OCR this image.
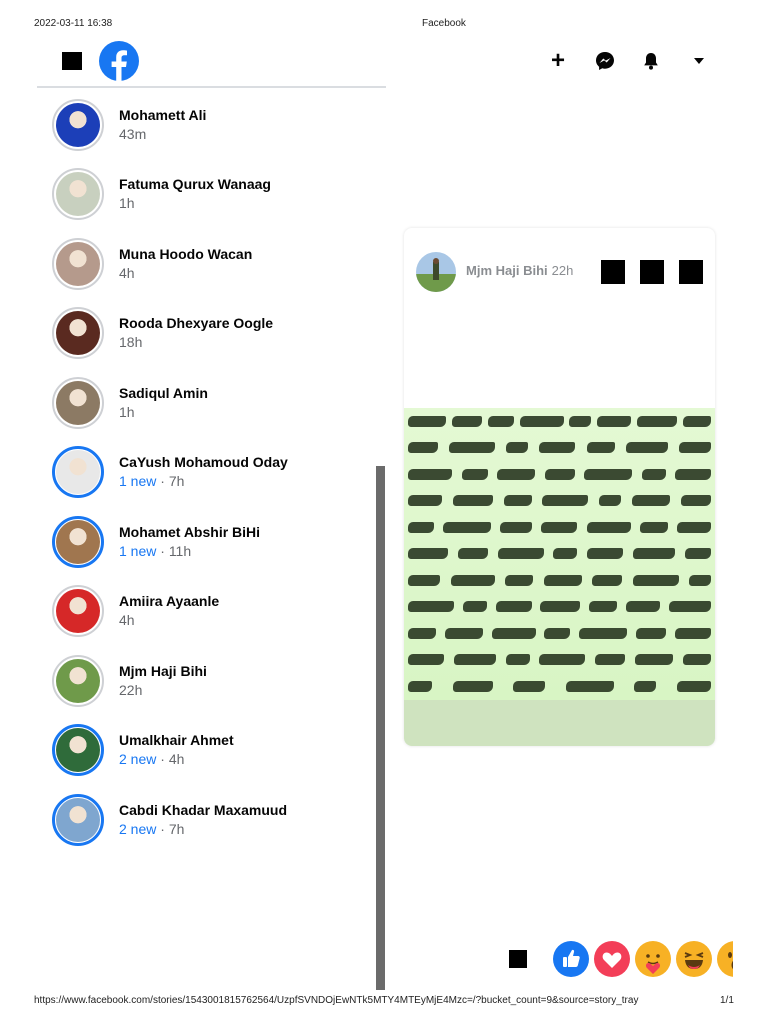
2022-03-11 16:38	Facebook
https://www.facebook.com/stories/1543001815762564/UzpfSVNDOjEwNTk5MTY4MTEyMjE4Mzc=/?bucket_count=9&source=story_tray	1/1
+
Mohamett Ali
43m
Fatuma Qurux Wanaag
1h
Muna Hoodo Wacan
4h
Rooda Dhexyare Oogle
18h
Sadiqul Amin
1h
CaYush Mohamoud Oday
1 new · 7h
Mohamet Abshir BiHi
1 new · 11h
Amiira Ayaanle
4h
Mjm Haji Bihi
22h
Umalkhair Ahmet
2 new · 4h
Cabdi Khadar Maxamuud
2 new · 7h
Mjm Haji Bihi 22h
